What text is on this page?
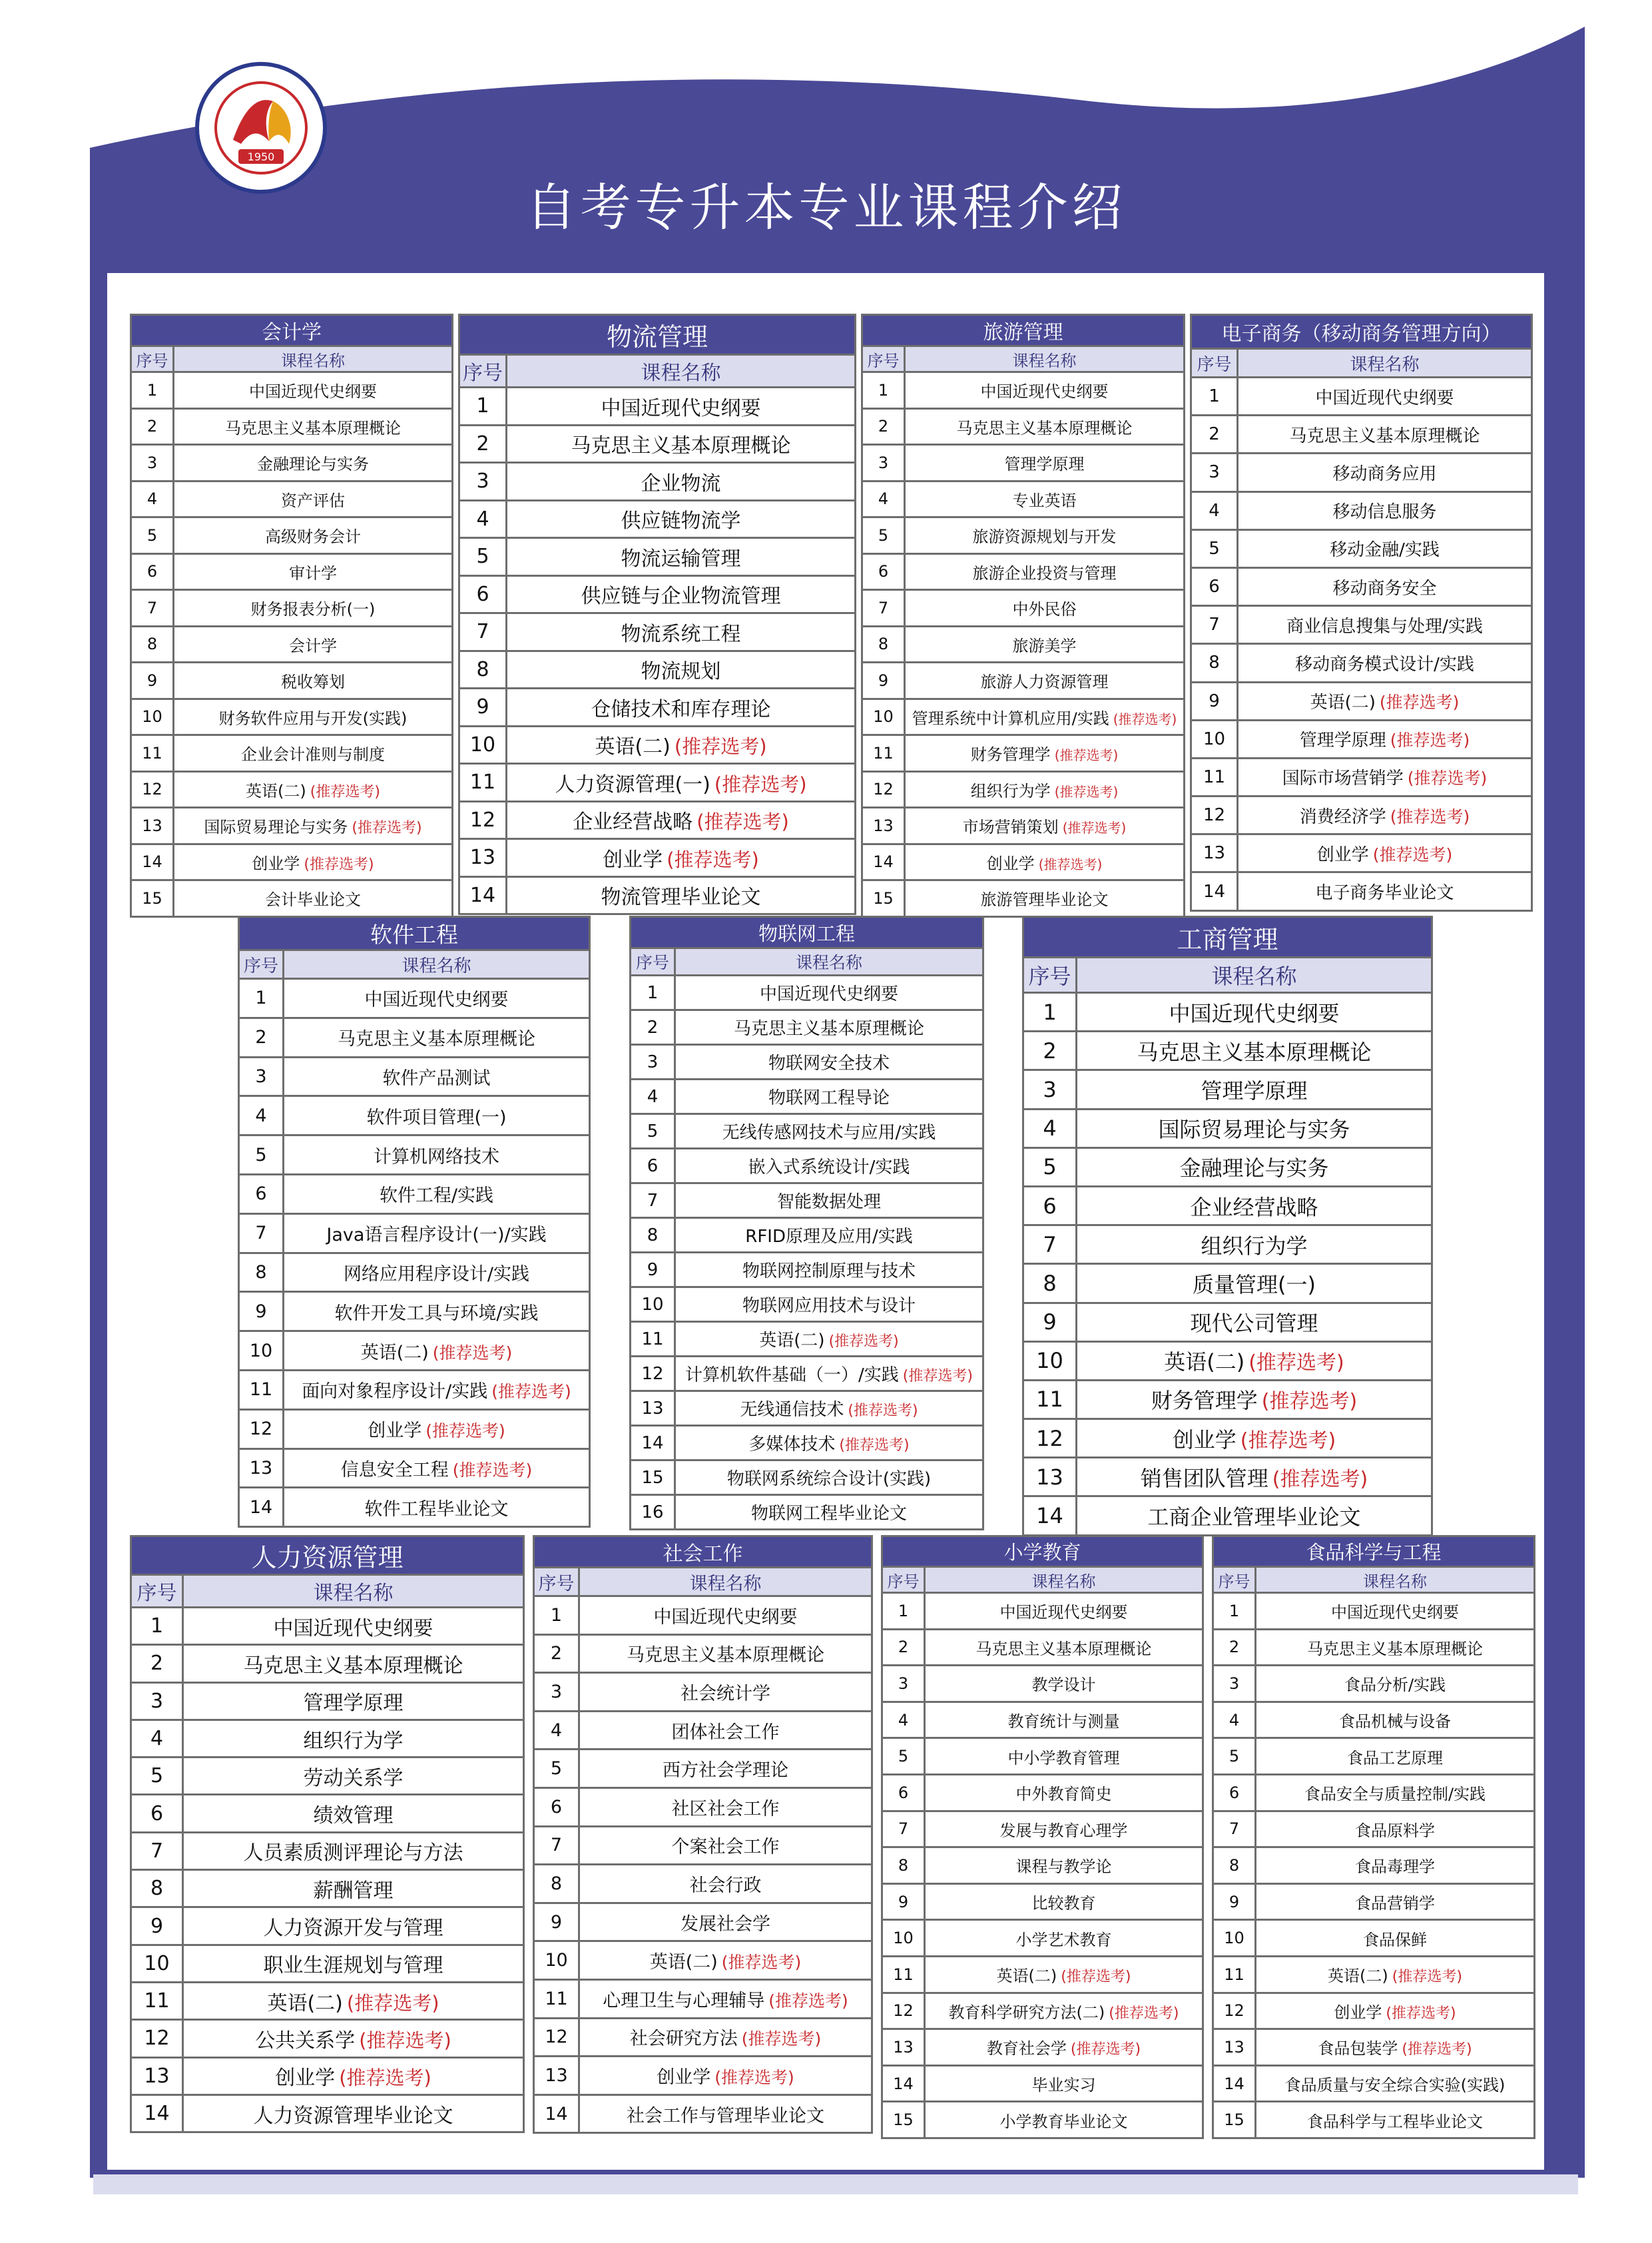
1950
自考专升本专业课程介绍
会计学	
序号	课程名称
1	中国近现代史纲要
2	马克思主义基本原理概论
3	金融理论与实务
4	资产评估
5	高级财务会计
6	审计学
7	财务报表分析(一)
8	会计学
9	税收筹划
10	财务软件应用与开发(实践)
11	企业会计准则与制度
12	英语(二) (推荐选考)
13	国际贸易理论与实务 (推荐选考)
14	创业学 (推荐选考)
15	会计毕业论文
物流管理	
序号	课程名称
1	中国近现代史纲要
2	马克思主义基本原理概论
3	企业物流
4	供应链物流学
5	物流运输管理
6	供应链与企业物流管理
7	物流系统工程
8	物流规划
9	仓储技术和库存理论
10	英语(二) (推荐选考)
11	人力资源管理(一) (推荐选考)
12	企业经营战略 (推荐选考)
13	创业学 (推荐选考)
14	物流管理毕业论文
旅游管理	
序号	课程名称
1	中国近现代史纲要
2	马克思主义基本原理概论
3	管理学原理
4	专业英语
5	旅游资源规划与开发
6	旅游企业投资与管理
7	中外民俗
8	旅游美学
9	旅游人力资源管理
10	管理系统中计算机应用/实践 (推荐选考)
11	财务管理学 (推荐选考)
12	组织行为学 (推荐选考)
13	市场营销策划 (推荐选考)
14	创业学 (推荐选考)
15	旅游管理毕业论文
电子商务（移动商务管理方向）	
序号	课程名称
1	中国近现代史纲要
2	马克思主义基本原理概论
3	移动商务应用
4	移动信息服务
5	移动金融/实践
6	移动商务安全
7	商业信息搜集与处理/实践
8	移动商务模式设计/实践
9	英语(二) (推荐选考)
10	管理学原理 (推荐选考)
11	国际市场营销学 (推荐选考)
12	消费经济学 (推荐选考)
13	创业学 (推荐选考)
14	电子商务毕业论文
软件工程	
序号	课程名称
1	中国近现代史纲要
2	马克思主义基本原理概论
3	软件产品测试
4	软件项目管理(一)
5	计算机网络技术
6	软件工程/实践
7	Java语言程序设计(一)/实践
8	网络应用程序设计/实践
9	软件开发工具与环境/实践
10	英语(二) (推荐选考)
11	面向对象程序设计/实践 (推荐选考)
12	创业学 (推荐选考)
13	信息安全工程 (推荐选考)
14	软件工程毕业论文
物联网工程	
序号	课程名称
1	中国近现代史纲要
2	马克思主义基本原理概论
3	物联网安全技术
4	物联网工程导论
5	无线传感网技术与应用/实践
6	嵌入式系统设计/实践
7	智能数据处理
8	RFID原理及应用/实践
9	物联网控制原理与技术
10	物联网应用技术与设计
11	英语(二) (推荐选考)
12	计算机软件基础（一）/实践 (推荐选考)
13	无线通信技术 (推荐选考)
14	多媒体技术 (推荐选考)
15	物联网系统综合设计(实践)
16	物联网工程毕业论文
工商管理	
序号	课程名称
1	中国近现代史纲要
2	马克思主义基本原理概论
3	管理学原理
4	国际贸易理论与实务
5	金融理论与实务
6	企业经营战略
7	组织行为学
8	质量管理(一)
9	现代公司管理
10	英语(二) (推荐选考)
11	财务管理学 (推荐选考)
12	创业学 (推荐选考)
13	销售团队管理 (推荐选考)
14	工商企业管理毕业论文
人力资源管理	
序号	课程名称
1	中国近现代史纲要
2	马克思主义基本原理概论
3	管理学原理
4	组织行为学
5	劳动关系学
6	绩效管理
7	人员素质测评理论与方法
8	薪酬管理
9	人力资源开发与管理
10	职业生涯规划与管理
11	英语(二) (推荐选考)
12	公共关系学 (推荐选考)
13	创业学 (推荐选考)
14	人力资源管理毕业论文
社会工作	
序号	课程名称
1	中国近现代史纲要
2	马克思主义基本原理概论
3	社会统计学
4	团体社会工作
5	西方社会学理论
6	社区社会工作
7	个案社会工作
8	社会行政
9	发展社会学
10	英语(二) (推荐选考)
11	心理卫生与心理辅导 (推荐选考)
12	社会研究方法 (推荐选考)
13	创业学 (推荐选考)
14	社会工作与管理毕业论文
小学教育	
序号	课程名称
1	中国近现代史纲要
2	马克思主义基本原理概论
3	教学设计
4	教育统计与测量
5	中小学教育管理
6	中外教育简史
7	发展与教育心理学
8	课程与教学论
9	比较教育
10	小学艺术教育
11	英语(二) (推荐选考)
12	教育科学研究方法(二) (推荐选考)
13	教育社会学 (推荐选考)
14	毕业实习
15	小学教育毕业论文
食品科学与工程	
序号	课程名称
1	中国近现代史纲要
2	马克思主义基本原理概论
3	食品分析/实践
4	食品机械与设备
5	食品工艺原理
6	食品安全与质量控制/实践
7	食品原料学
8	食品毒理学
9	食品营销学
10	食品保鲜
11	英语(二) (推荐选考)
12	创业学 (推荐选考)
13	食品包装学 (推荐选考)
14	食品质量与安全综合实验(实践)
15	食品科学与工程毕业论文
